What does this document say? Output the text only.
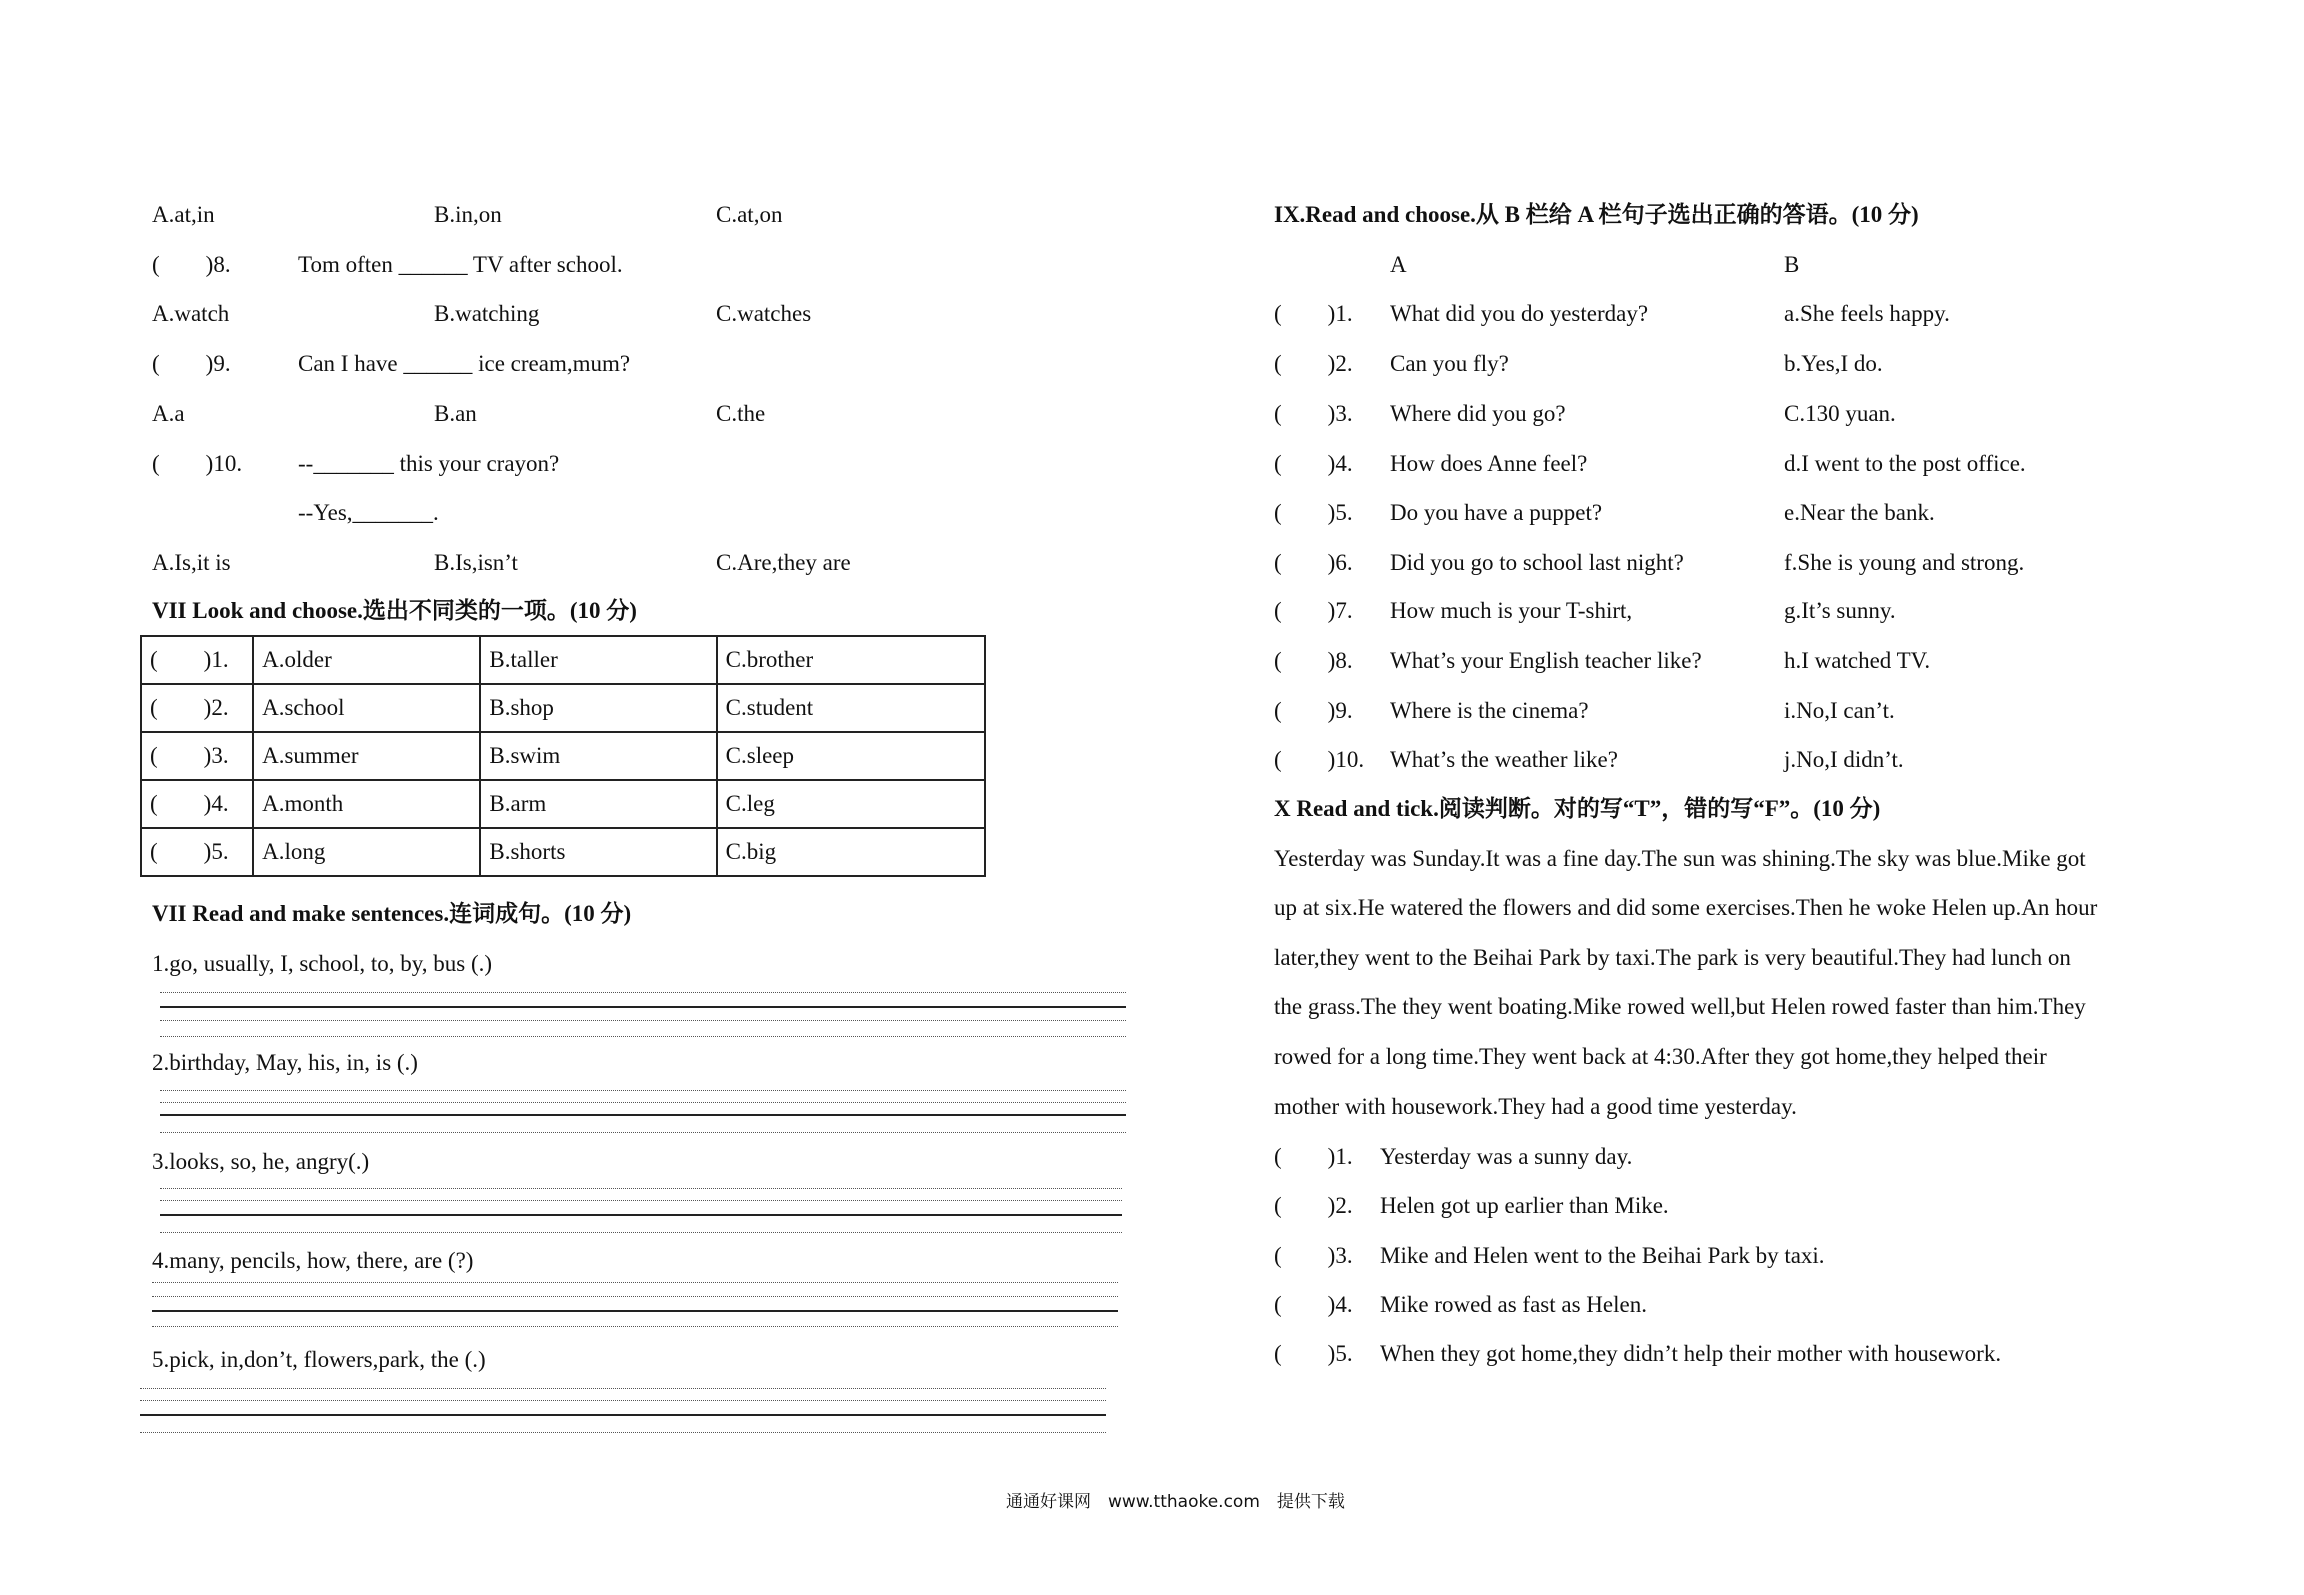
A.at,in	B.in,on	C.at,on
(　　)8.	Tom often ______ TV after school.
A.watch	B.watching	C.watches
(　　)9.	Can I have ______ ice cream,mum?
A.a	B.an	C.the
(　　)10. --_______ this your crayon?
--Yes,_______.
A.Is,it is	B.Is,isn’t	C.Are,they are
VII Look and choose.选出不同类的一项。(10 分)
(　　)1.	A.older	B.taller	C.brother
(　　)2.	A.school	B.shop	C.student
(　　)3.	A.summer	B.swim	C.sleep
(　　)4.	A.month	B.arm	C.leg
(　　)5.	A.long	B.shorts	C.big
VII Read and make sentences.连词成句。(10 分)
1.go, usually, I, school, to, by, bus (.)
2.birthday, May, his, in, is (.)
3.looks, so, he, angry(.)
4.many, pencils, how, there, are (?)
5.pick, in,don’t, flowers,park, the (.)
IX.Read and choose.从 B 栏给 A 栏句子选出正确的答语。(10 分)
A	B
(　　)1. What did you do yesterday?	a.She feels happy.
(　　)2. Can you fly?	b.Yes,I do.
(　　)3. Where did you go?	C.130 yuan.
(　　)4. How does Anne feel?	d.I went to the post office.
(　　)5. Do you have a puppet?	e.Near the bank.
(　　)6. Did you go to school last night?	f.She is young and strong.
(　　)7. How much is your T-shirt,	g.It’s sunny.
(　　)8. What’s your English teacher like?	h.I watched TV.
(　　)9. Where is the cinema?	i.No,I can’t.
(　　)10. What’s the weather like?	j.No,I didn’t.
X Read and tick.阅读判断。对的写“T”，错的写“F”。(10 分)
Yesterday was Sunday.It was a fine day.The sun was shining.The sky was blue.Mike got
up at six.He watered the flowers and did some exercises.Then he woke Helen up.An hour
later,they went to the Beihai Park by taxi.The park is very beautiful.They had lunch on
the grass.The they went boating.Mike rowed well,but Helen rowed faster than him.They
rowed for a long time.They went back at 4:30.After they got home,they helped their
mother with housework.They had a good time yesterday.
(　　)1. Yesterday was a sunny day.
(　　)2. Helen got up earlier than Mike.
(　　)3. Mike and Helen went to the Beihai Park by taxi.
(　　)4. Mike rowed as fast as Helen.
(　　)5. When they got home,they didn’t help their mother with housework.
通通好课网　www.tthaoke.com　提供下载
